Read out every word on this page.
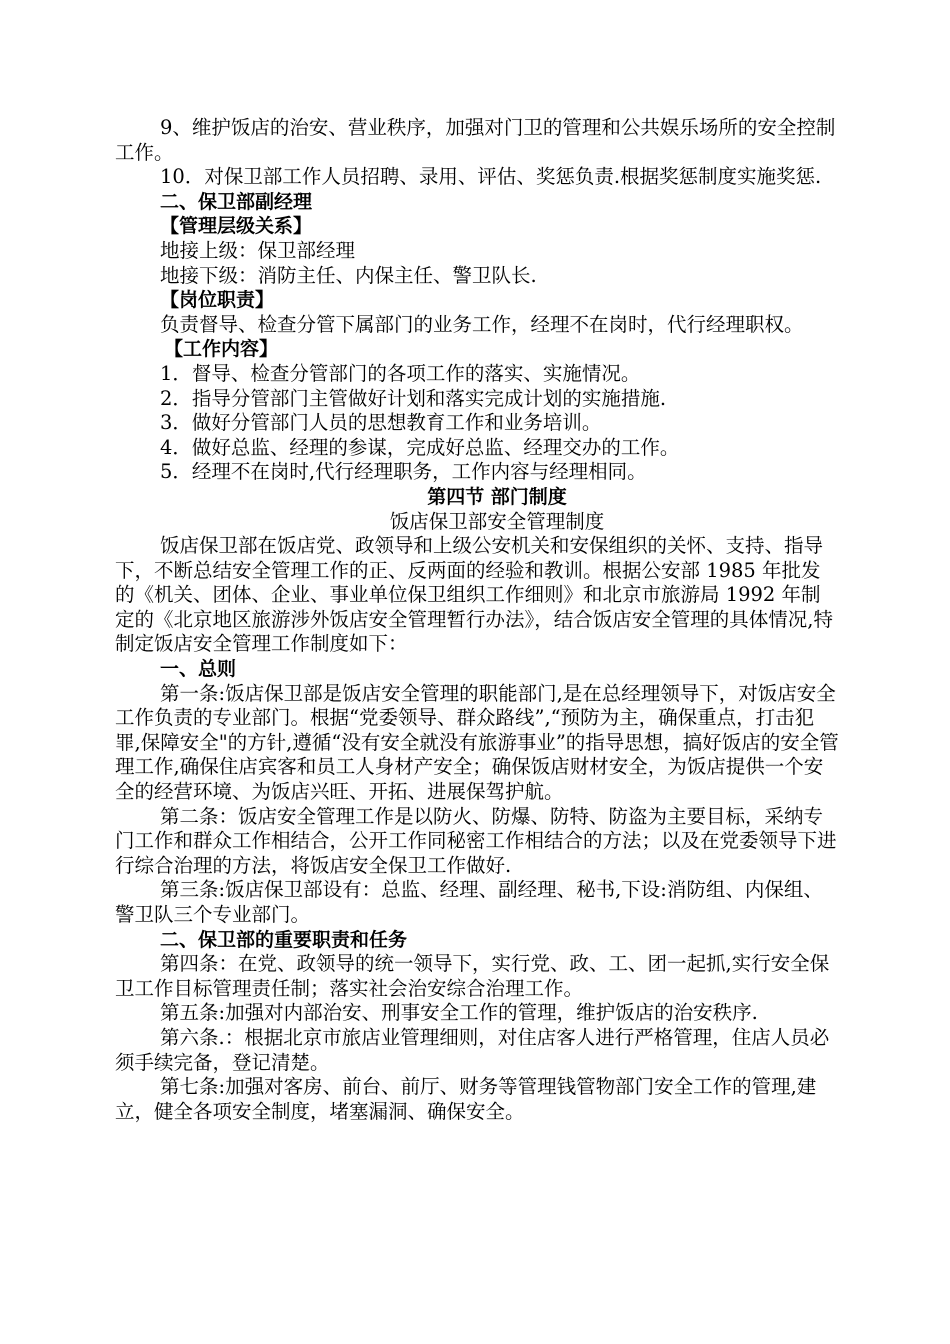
9、维护饭店的治安、营业秩序，加强对门卫的管理和公共娱乐场所的安全控制工作。

10．对保卫部工作人员招聘、录用、评估、奖惩负责.根据奖惩制度实施奖惩.

二、保卫部副经理

【管理层级关系】

地接上级：保卫部经理

地接下级：消防主任、内保主任、警卫队长.

【岗位职责】

负责督导、检查分管下属部门的业务工作，经理不在岗时，代行经理职权。

【工作内容】

1．督导、检查分管部门的各项工作的落实、实施情况。

2．指导分管部门主管做好计划和落实完成计划的实施措施.

3．做好分管部门人员的思想教育工作和业务培训。

4．做好总监、经理的参谋，完成好总监、经理交办的工作。

5．经理不在岗时,代行经理职务，工作内容与经理相同。

第四节 部门制度

饭店保卫部安全管理制度

饭店保卫部在饭店党、政领导和上级公安机关和安保组织的关怀、支持、指导下，不断总结安全管理工作的正、反两面的经验和教训。根据公安部 1985 年批发的《机关、团体、企业、事业单位保卫组织工作细则》和北京市旅游局 1992 年制定的《北京地区旅游涉外饭店安全管理暂行办法》，结合饭店安全管理的具体情况,特制定饭店安全管理工作制度如下：

一、总则

第一条:饭店保卫部是饭店安全管理的职能部门,是在总经理领导下，对饭店安全工作负责的专业部门。根据“党委领导、群众路线”,“预防为主，确保重点，打击犯罪,保障安全"的方针,遵循“没有安全就没有旅游事业”的指导思想，搞好饭店的安全管理工作,确保住店宾客和员工人身材产安全；确保饭店财材安全，为饭店提供一个安全的经营环境、为饭店兴旺、开拓、进展保驾护航。

第二条：饭店安全管理工作是以防火、防爆、防特、防盗为主要目标，采纳专门工作和群众工作相结合，公开工作同秘密工作相结合的方法；以及在党委领导下进行综合治理的方法，将饭店安全保卫工作做好.

第三条:饭店保卫部设有：总监、经理、副经理、秘书,下设:消防组、内保组、警卫队三个专业部门。

二、保卫部的重要职责和任务

第四条：在党、政领导的统一领导下，实行党、政、工、团一起抓,实行安全保卫工作目标管理责任制；落实社会治安综合治理工作。

第五条:加强对内部治安、刑事安全工作的管理，维护饭店的治安秩序.

第六条.：根据北京市旅店业管理细则，对住店客人进行严格管理，住店人员必须手续完备，登记清楚。

第七条:加强对客房、前台、前厅、财务等管理钱管物部门安全工作的管理,建立，健全各项安全制度，堵塞漏洞、确保安全。
